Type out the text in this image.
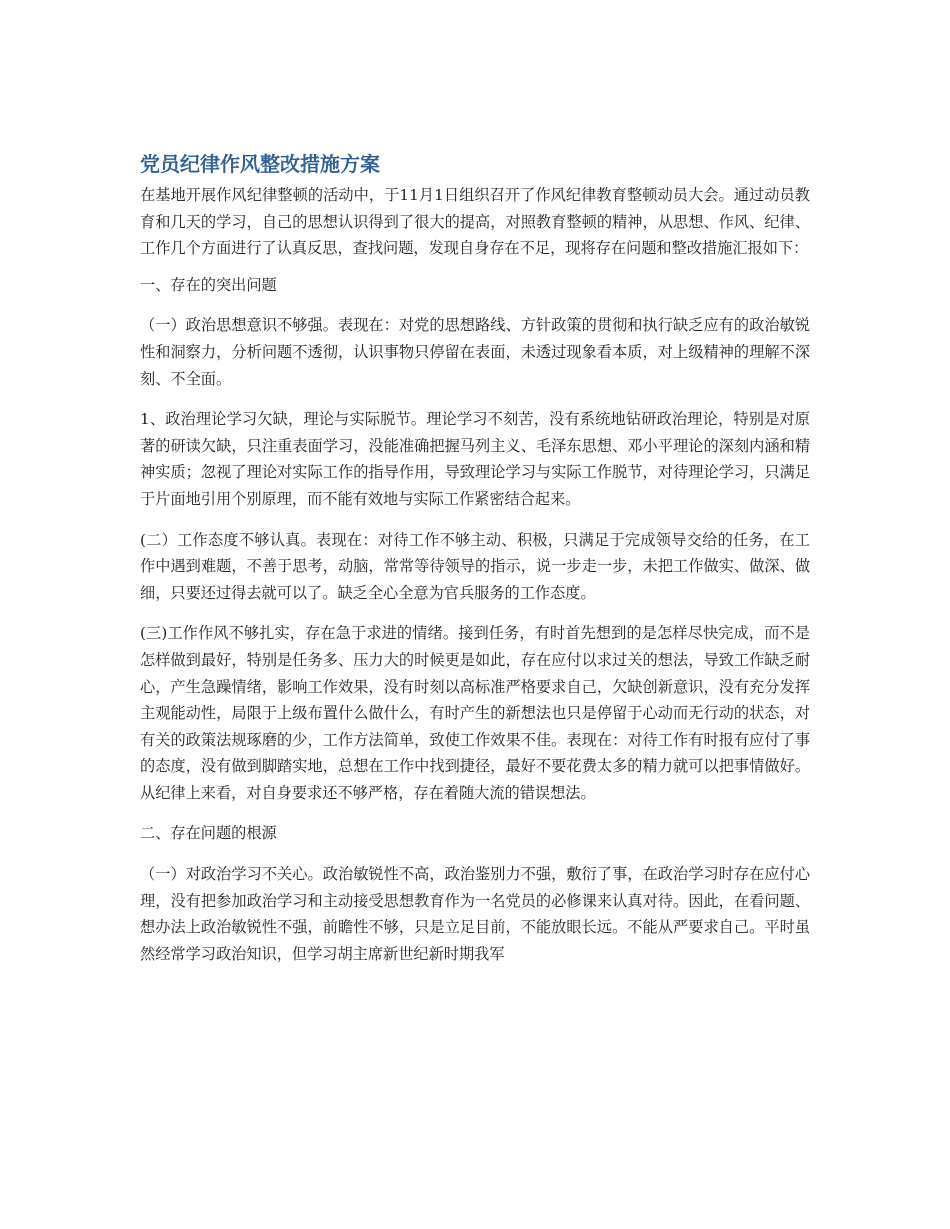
党员纪律作风整改措施方案

在基地开展作风纪律整顿的活动中，于11月1日组织召开了作风纪律教育整顿动员大会。通过动员教育和几天的学习，自己的思想认识得到了很大的提高，对照教育整顿的精神，从思想、作风、纪律、工作几个方面进行了认真反思，查找问题，发现自身存在不足，现将存在问题和整改措施汇报如下：

一、存在的突出问题

（一）政治思想意识不够强。表现在：对党的思想路线、方针政策的贯彻和执行缺乏应有的政治敏锐性和洞察力，分析问题不透彻，认识事物只停留在表面，未透过现象看本质，对上级精神的理解不深刻、不全面。

1、政治理论学习欠缺，理论与实际脱节。理论学习不刻苦，没有系统地钻研政治理论，特别是对原著的研读欠缺，只注重表面学习，没能准确把握马列主义、毛泽东思想、邓小平理论的深刻内涵和精神实质；忽视了理论对实际工作的指导作用，导致理论学习与实际工作脱节，对待理论学习，只满足于片面地引用个别原理，而不能有效地与实际工作紧密结合起来。

(二）工作态度不够认真。表现在：对待工作不够主动、积极，只满足于完成领导交给的任务，在工作中遇到难题，不善于思考，动脑，常常等待领导的指示，说一步走一步，未把工作做实、做深、做细，只要还过得去就可以了。缺乏全心全意为官兵服务的工作态度。

(三)工作作风不够扎实，存在急于求进的情绪。接到任务，有时首先想到的是怎样尽快完成，而不是怎样做到最好，特别是任务多、压力大的时候更是如此，存在应付以求过关的想法，导致工作缺乏耐心，产生急躁情绪，影响工作效果，没有时刻以高标准严格要求自己，欠缺创新意识，没有充分发挥主观能动性，局限于上级布置什么做什么，有时产生的新想法也只是停留于心动而无行动的状态，对有关的政策法规琢磨的少，工作方法简单，致使工作效果不佳。表现在：对待工作有时报有应付了事的态度，没有做到脚踏实地，总想在工作中找到捷径，最好不要花费太多的精力就可以把事情做好。从纪律上来看，对自身要求还不够严格，存在着随大流的错误想法。

二、存在问题的根源

（一）对政治学习不关心。政治敏锐性不高，政治鉴别力不强，敷衍了事，在政治学习时存在应付心理，没有把参加政治学习和主动接受思想教育作为一名党员的必修课来认真对待。因此，在看问题、想办法上政治敏锐性不强，前瞻性不够，只是立足目前，不能放眼长远。不能从严要求自己。平时虽然经常学习政治知识，但学习胡主席新世纪新时期我军
